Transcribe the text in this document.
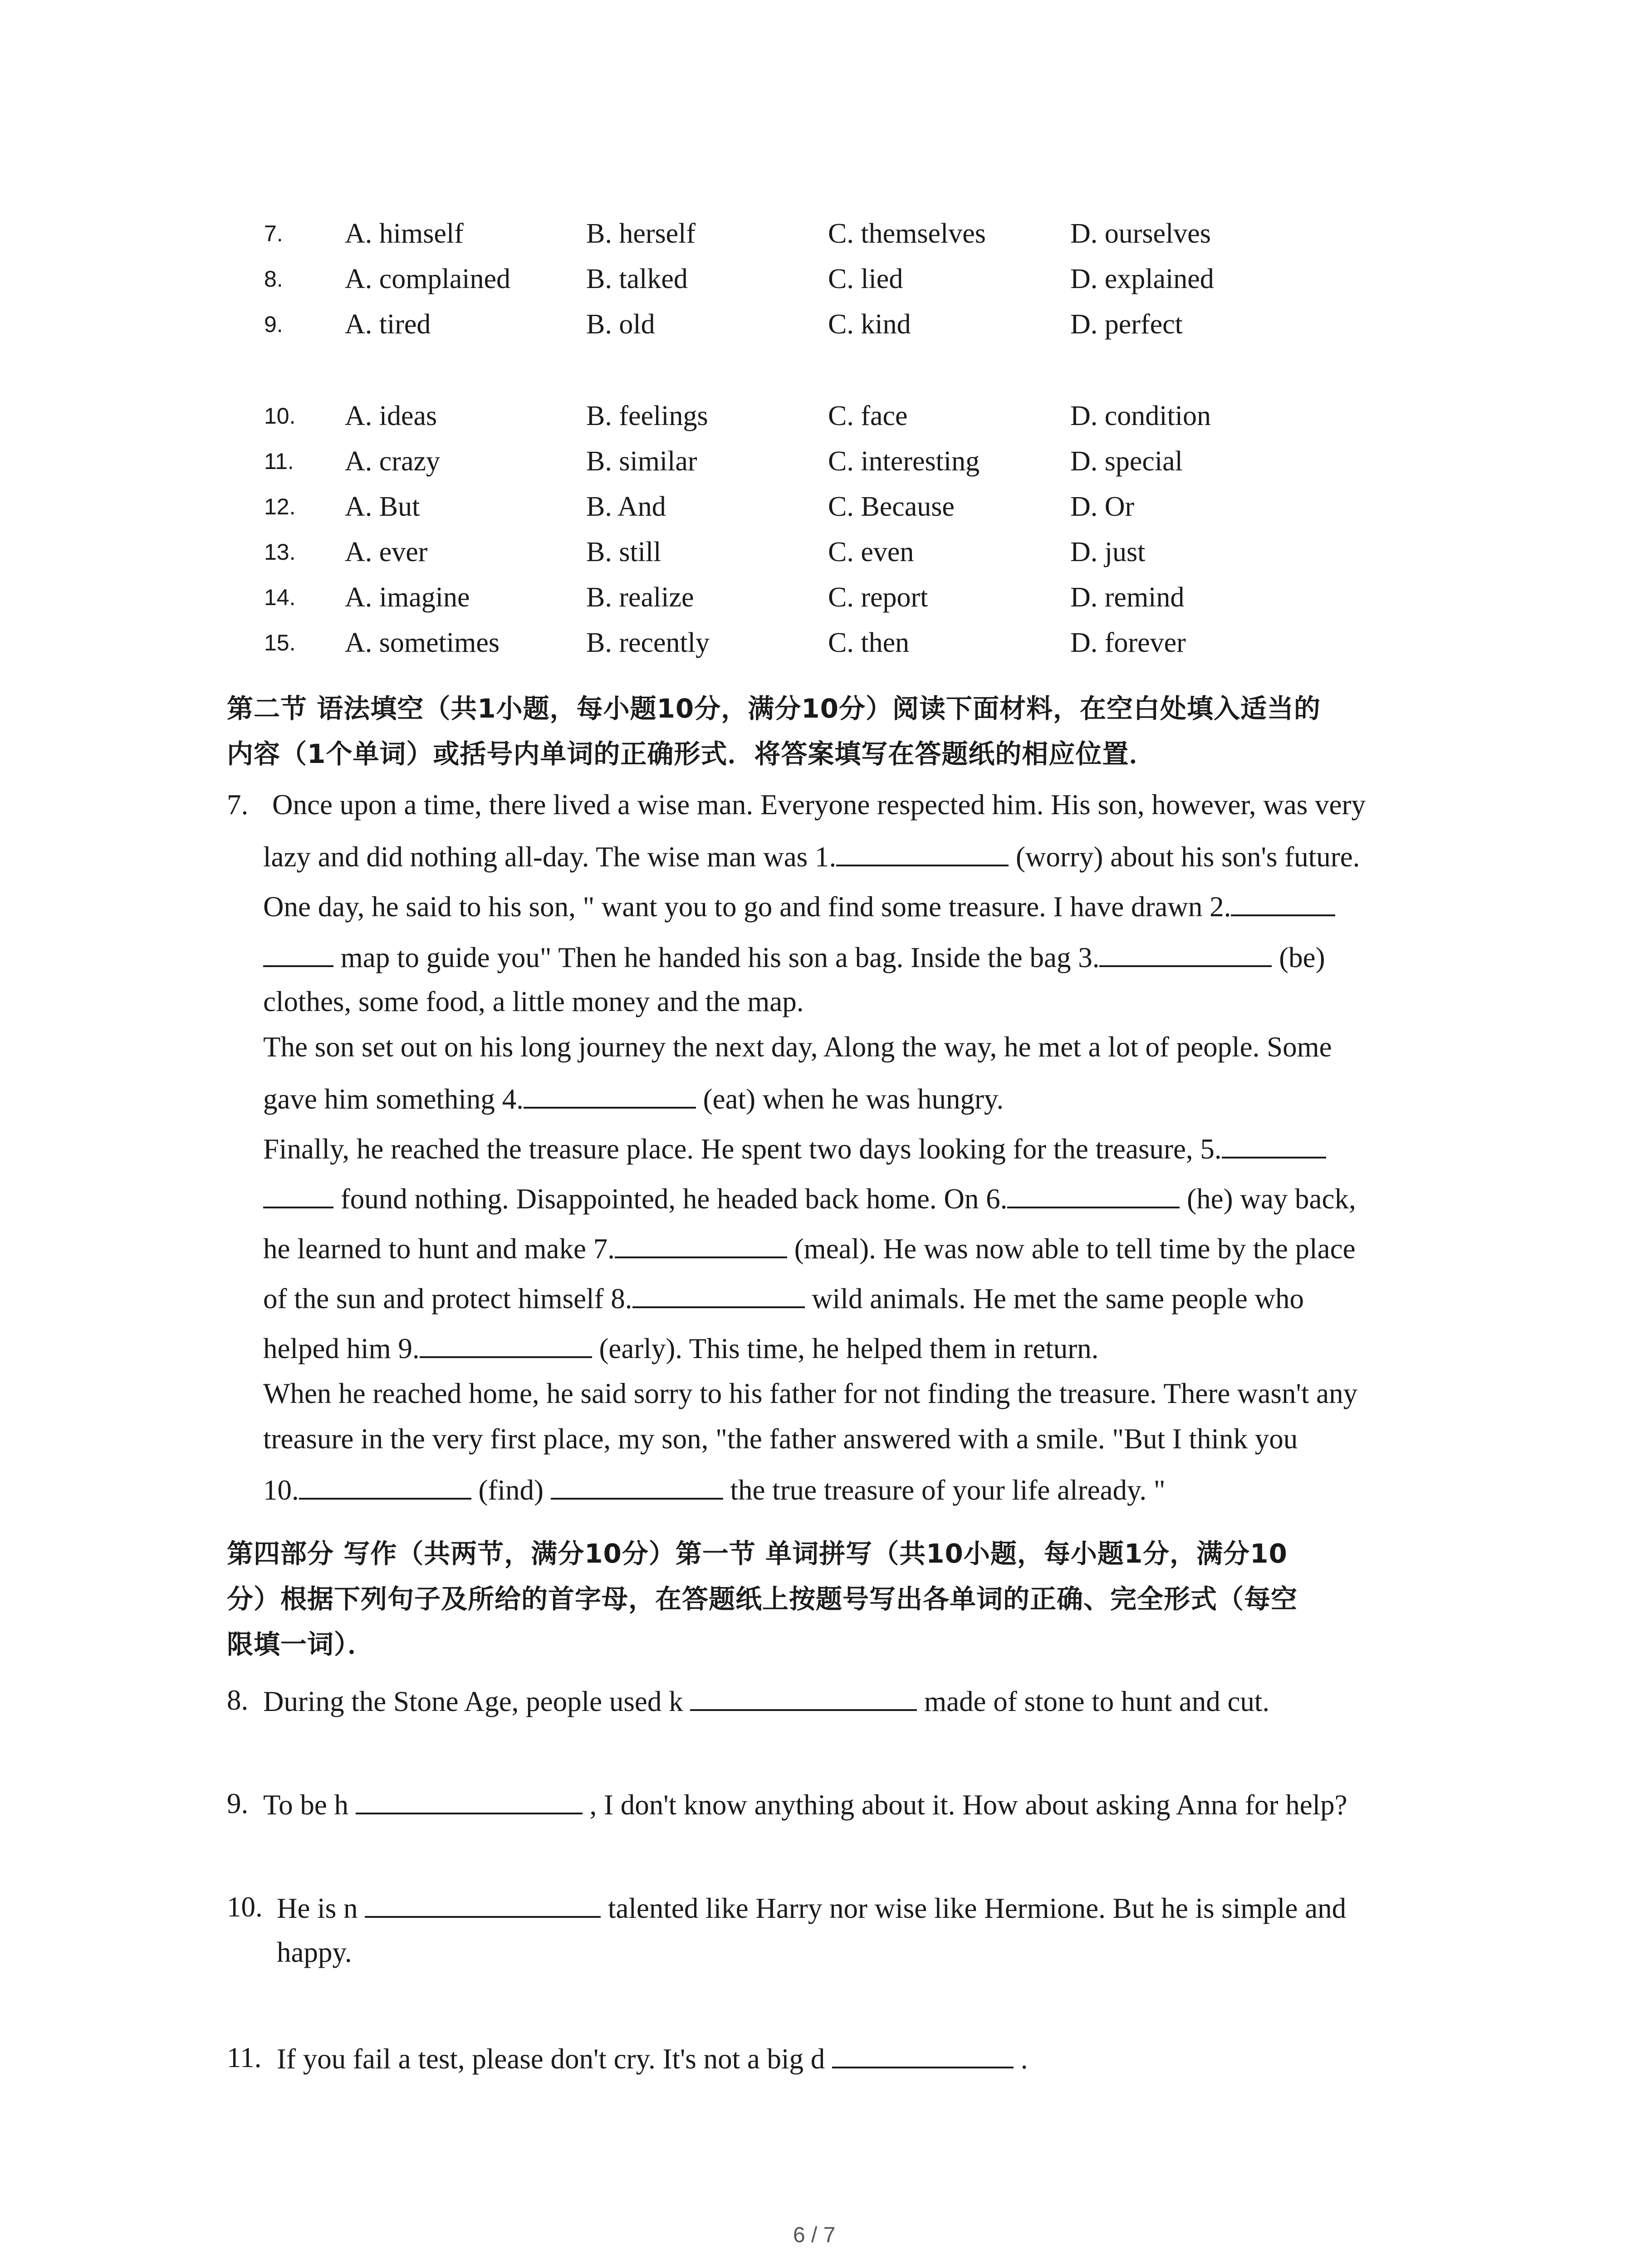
7. A. himself	B. herself	C. themselves	D. ourselves
8. A. complained	B. talked	C. lied	D. explained
9. A. tired	B. old	C. kind	D. perfect
10. A. ideas	B. feelings	C. face	D. condition
11. A. crazy	B. similar	C. interesting	D. special
12. A. But	B. And	C. Because	D. Or
13. A. ever	B. still	C. even	D. just
14. A. imagine	B. realize	C. report	D. remind
15. A. sometimes	B. recently	C. then	D. forever
第二节 语法填空（共1小题，每小题10分，满分10分）阅读下面材料，在空白处填入适当的
内容（1个单词）或括号内单词的正确形式．将答案填写在答题纸的相应位置．
7. Once upon a time, there lived a wise man. Everyone respected him. His son, however, was very
lazy and did nothing all-day. The wise man was 1.	(worry) about his son's future.
One day, he said to his son, " want you to go and find some treasure. I have drawn 2.
map to guide you" Then he handed his son a bag. Inside the bag 3.	(be)
clothes, some food, a little money and the map.
The son set out on his long journey the next day, Along the way, he met a lot of people. Some
gave him something 4.	(eat) when he was hungry.
Finally, he reached the treasure place. He spent two days looking for the treasure, 5.
found nothing. Disappointed, he headed back home. On 6.	(he) way back,
he learned to hunt and make 7.	(meal). He was now able to tell time by the place
of the sun and protect himself 8.	wild animals. He met the same people who
helped him 9.	(early). This time, he helped them in return.
When he reached home, he said sorry to his father for not finding the treasure. There wasn't any
treasure in the very first place, my son, "the father answered with a smile. "But I think you
10.	(find)	the true treasure of your life already. "
第四部分 写作（共两节，满分10分）第一节 单词拼写（共10小题，每小题1分，满分10
分）根据下列句子及所给的首字母，在答题纸上按题号写出各单词的正确、完全形式（每空
限填一词）．
8. During the Stone Age, people used k	made of stone to hunt and cut.
9. To be h	, I don't know anything about it. How about asking Anna for help?
10. He is n	talented like Harry nor wise like Hermione. But he is simple and
happy.
11. If you fail a test, please don't cry. It's not a big d	.
6 / 7
